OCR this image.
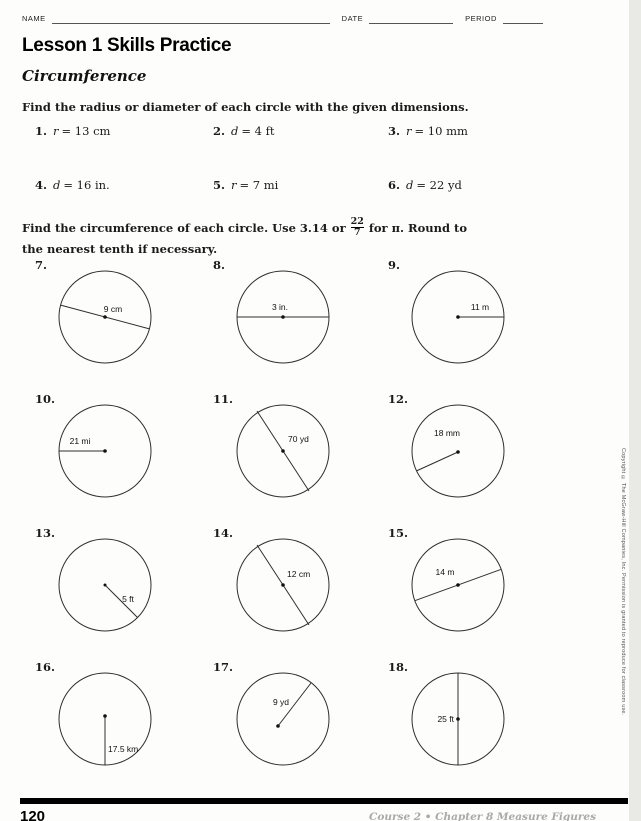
NAME	DATE	PERIOD
Lesson 1 Skills Practice
Circumference
Find the radius or diameter of each circle with the given dimensions.
1. r = 13 cm	2. d = 4 ft	3. r = 10 mm
4. d = 16 in.	5. r = 7 mi	6. d = 22 yd
Find the circumference of each circle. Use 3.14 or $\frac{22}{7}$ for π. Round to
the nearest tenth if necessary.
7.
9 cm
8.
3 in.
9.
11 m
10.
21 mi
11.
70 yd
12.
18 mm
13.
5 ft
14.
12 cm
15.
14 m
16.
17.5 km
17.
9 yd
18.
25 ft
Copyright © The McGraw-Hill Companies, Inc. Permission is granted to reproduce for classroom use.
120	Course 2 • Chapter 8 Measure Figures
